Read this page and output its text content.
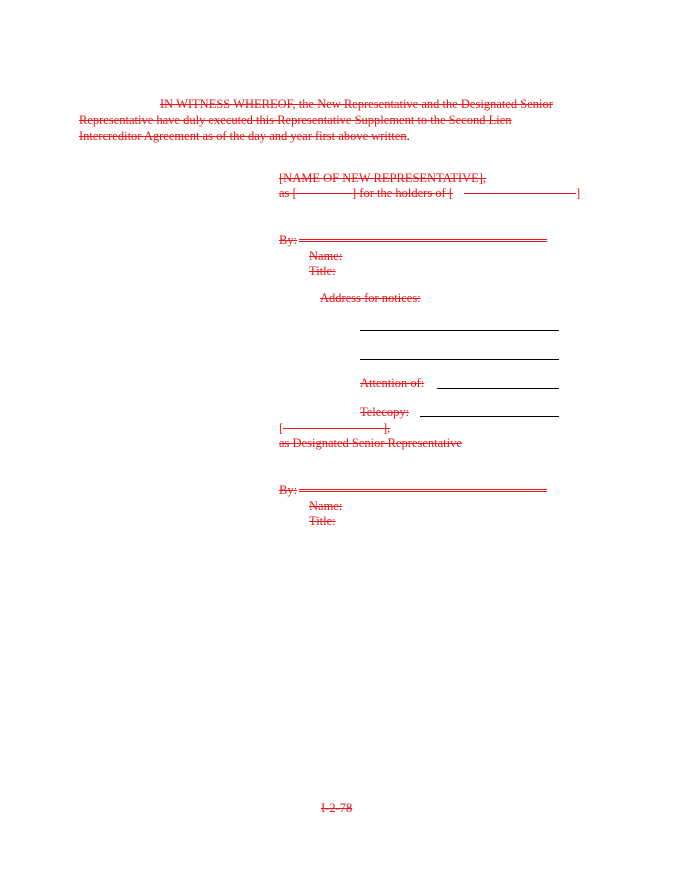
IN WITNESS WHEREOF, the New Representative and the Designated Senior
Representative have duly executed this Representative Supplement to the Second Lien
Intercreditor Agreement as of the day and year first above written.
[NAME OF NEW REPRESENTATIVE],
as [	] for the holders of [	]
By:
Name:
Title:
Address for notices:
Attention of:
Telecopy:
[	],
as Designated Senior Representative
By:
Name:
Title:
I-2-78
